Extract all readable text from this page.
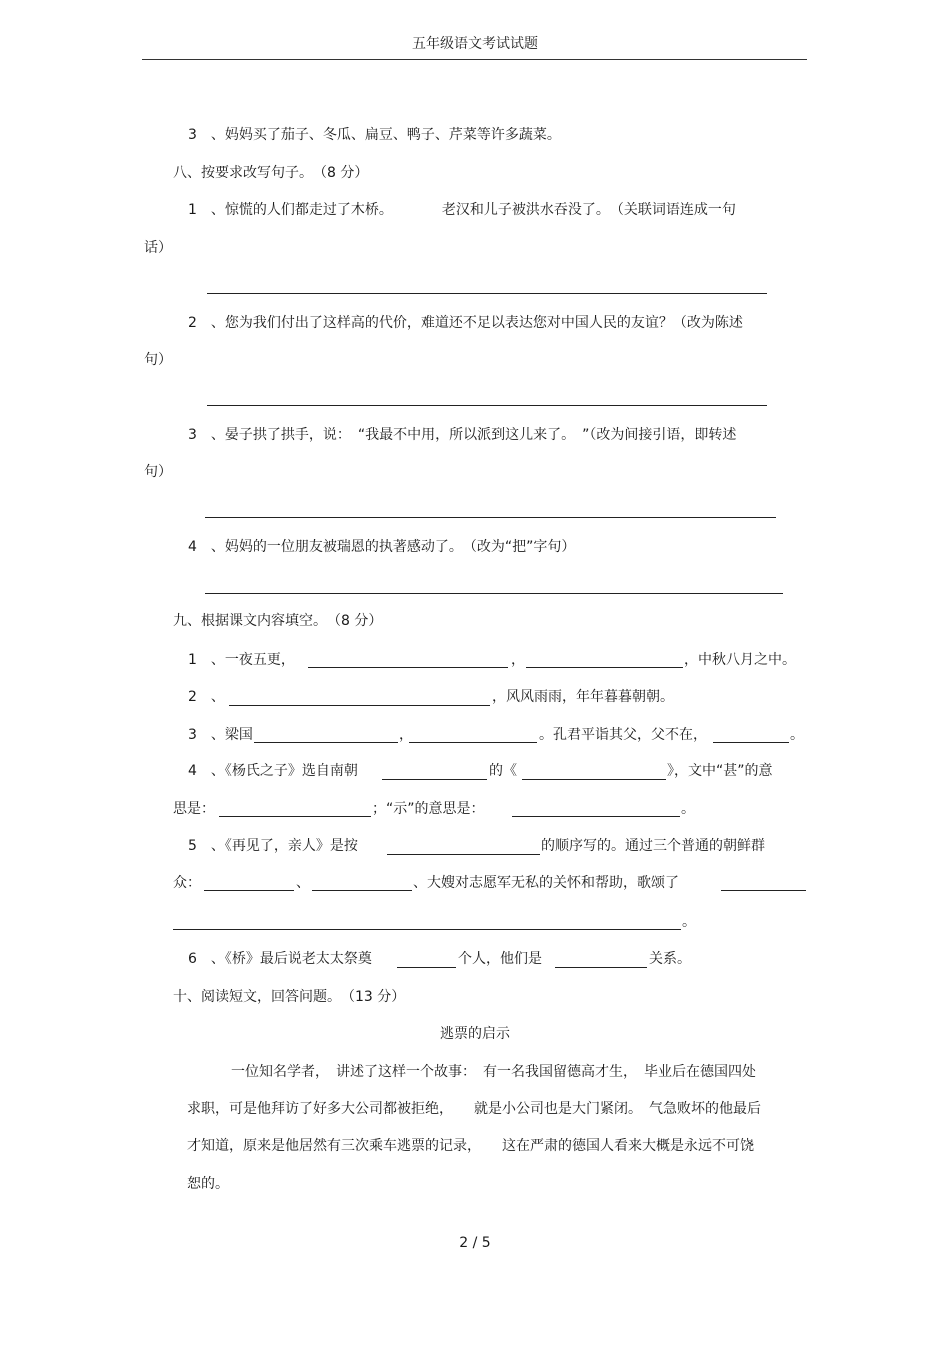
五年级语文考试试题
3　、妈妈买了茄子、冬瓜、扁豆、鸭子、芹菜等许多蔬菜。
八、按要求改写句子。　（8 分）
1　、惊慌的人们都走过了木桥。　　　　老汉和儿子被洪水吞没了。　（关联词语连成一句
话）
2　、您为我们付出了这样高的代价，难道还不足以表达您对中国人民的友谊？（改为陈述
句）
3　、晏子拱了拱手，说：　“我最不中用，所以派到这儿来了。　”（改为间接引语，即转述
句）
4　、妈妈的一位朋友被瑞恩的执著感动了。　（改为“把”字句）
九、根据课文内容填空。　（8 分）
1　、一夜五更，	，	，中秋八月之中。
2　、	，风风雨雨，年年暮暮朝朝。
3　、梁国	，	。孔君平诣其父，父不在，	。
4　、《杨氏之子》选自南朝	的《	》，文中“甚”的意
思是：	；“示”的意思是：	。
5　、《再见了，亲人》是按	的顺序写的。通过三个普通的朝鲜群
众：	、	、大嫂对志愿军无私的关怀和帮助，歌颂了
。
6　、《桥》最后说老太太祭奠	个人，他们是	关系。
十、阅读短文，回答问题。　（13 分）
逃票的启示
一位知名学者，　讲述了这样一个故事：　有一名我国留德高才生，　毕业后在德国四处
求职，可是他拜访了好多大公司都被拒绝，　　就是小公司也是大门紧闭。　气急败坏的他最后
才知道，原来是他居然有三次乘车逃票的记录，　　这在严肃的德国人看来大概是永远不可饶
恕的。
2 / 5
